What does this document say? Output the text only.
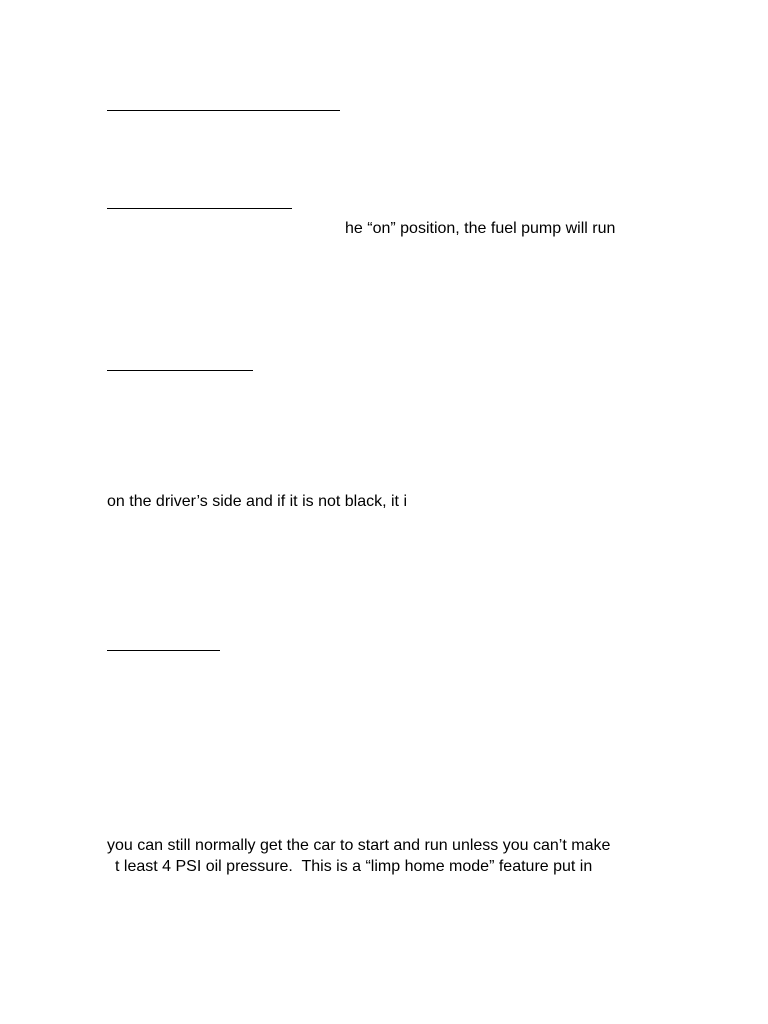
he “on” position, the fuel pump will run
on the driver’s side and if it is not black, it i
you can still normally get the car to start and run unless you can’t make
t least 4 PSI oil pressure.  This is a “limp home mode” feature put in
